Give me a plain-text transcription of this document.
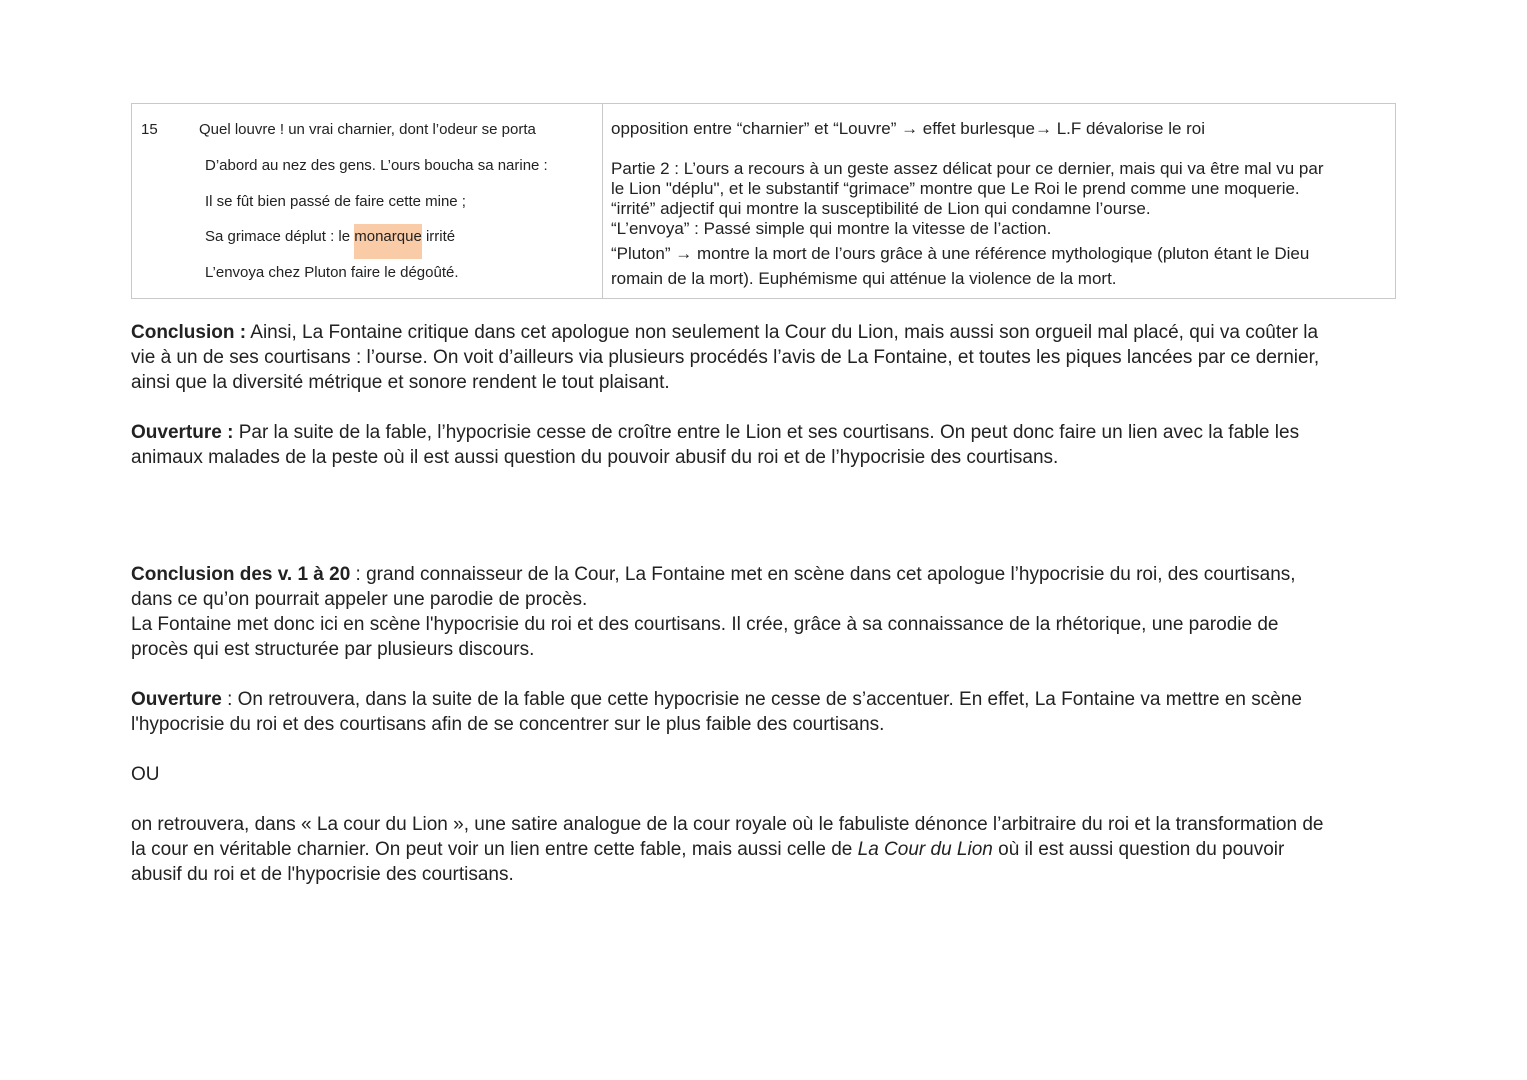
15	Quel louvre ! un vrai charnier, dont l’odeur se porta
D’abord au nez des gens. L’ours boucha sa narine :
Il se fût bien passé de faire cette mine ;
Sa grimace déplut : le monarque irrité
L’envoya chez Pluton faire le dégoûté.
opposition entre “charnier” et “Louvre” → effet burlesque→ L.F dévalorise le roi
Partie 2 : L’ours a recours à un geste assez délicat pour ce dernier, mais qui va être mal vu par
le Lion "déplu", et le substantif “grimace” montre que Le Roi le prend comme une moquerie.
“irrité” adjectif qui montre la susceptibilité de Lion qui condamne l’ourse.
“L’envoya” : Passé simple qui montre la vitesse de l’action.
“Pluton” → montre la mort de l’ours grâce à une référence mythologique (pluton étant le Dieu
romain de la mort). Euphémisme qui atténue la violence de la mort.
Conclusion : Ainsi, La Fontaine critique dans cet apologue non seulement la Cour du Lion, mais aussi son orgueil mal placé, qui va coûter la
vie à un de ses courtisans : l’ourse. On voit d’ailleurs via plusieurs procédés l’avis de La Fontaine, et toutes les piques lancées par ce dernier,
ainsi que la diversité métrique et sonore rendent le tout plaisant.
Ouverture : Par la suite de la fable, l’hypocrisie cesse de croître entre le Lion et ses courtisans. On peut donc faire un lien avec la fable les
animaux malades de la peste où il est aussi question du pouvoir abusif du roi et de l’hypocrisie des courtisans.
Conclusion des v. 1 à 20 : grand connaisseur de la Cour, La Fontaine met en scène dans cet apologue l’hypocrisie du roi, des courtisans,
dans ce qu’on pourrait appeler une parodie de procès.
La Fontaine met donc ici en scène l'hypocrisie du roi et des courtisans. Il crée, grâce à sa connaissance de la rhétorique, une parodie de
procès qui est structurée par plusieurs discours.
Ouverture : On retrouvera, dans la suite de la fable que cette hypocrisie ne cesse de s’accentuer. En effet, La Fontaine va mettre en scène
l'hypocrisie du roi et des courtisans afin de se concentrer sur le plus faible des courtisans.
OU
on retrouvera, dans « La cour du Lion », une satire analogue de la cour royale où le fabuliste dénonce l’arbitraire du roi et la transformation de
la cour en véritable charnier. On peut voir un lien entre cette fable, mais aussi celle de La Cour du Lion où il est aussi question du pouvoir
abusif du roi et de l'hypocrisie des courtisans.
